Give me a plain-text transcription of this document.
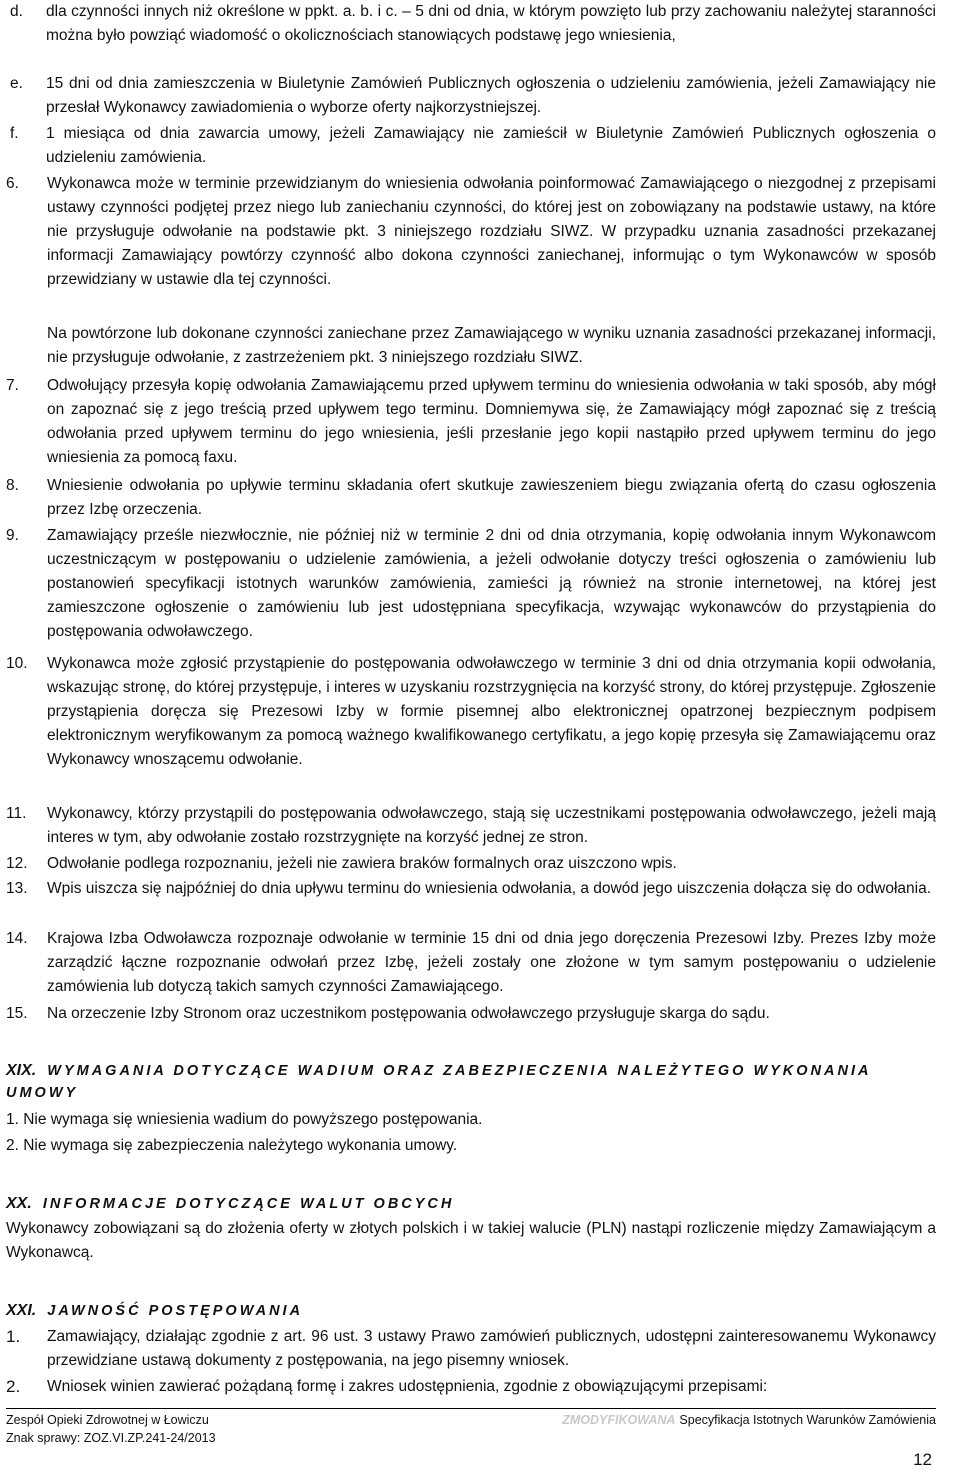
d. dla czynności innych niż określone w ppkt. a. b. i c. – 5 dni od dnia, w którym powzięto lub przy zachowaniu należytej staranności można było powziąć wiadomość o okolicznościach stanowiących podstawę jego wniesienia,
e. 15 dni od dnia zamieszczenia w Biuletynie Zamówień Publicznych ogłoszenia o udzieleniu zamówienia, jeżeli Zamawiający nie przesłał Wykonawcy zawiadomienia o wyborze oferty najkorzystniejszej.
f. 1 miesiąca od dnia zawarcia umowy, jeżeli Zamawiający nie zamieścił w Biuletynie Zamówień Publicznych ogłoszenia o udzieleniu zamówienia.
6. Wykonawca może w terminie przewidzianym do wniesienia odwołania poinformować Zamawiającego o niezgodnej z przepisami ustawy czynności podjętej przez niego lub zaniechaniu czynności, do której jest on zobowiązany na podstawie ustawy, na które nie przysługuje odwołanie na podstawie pkt. 3 niniejszego rozdziału SIWZ. W przypadku uznania zasadności przekazanej informacji Zamawiający powtórzy czynność albo dokona czynności zaniechanej, informując o tym Wykonawców w sposób przewidziany w ustawie dla tej czynności.
Na powtórzone lub dokonane czynności zaniechane przez Zamawiającego w wyniku uznania zasadności przekazanej informacji, nie przysługuje odwołanie, z zastrzeżeniem pkt. 3 niniejszego rozdziału SIWZ.
7. Odwołujący przesyła kopię odwołania Zamawiającemu przed upływem terminu do wniesienia odwołania w taki sposób, aby mógł on zapoznać się z jego treścią przed upływem tego terminu. Domniemywa się, że Zamawiający mógł zapoznać się z treścią odwołania przed upływem terminu do jego wniesienia, jeśli przesłanie jego kopii nastąpiło przed upływem terminu do jego wniesienia za pomocą faxu.
8. Wniesienie odwołania po upływie terminu składania ofert skutkuje zawieszeniem biegu związania ofertą do czasu ogłoszenia przez Izbę orzeczenia.
9. Zamawiający prześle niezwłocznie, nie później niż w terminie 2 dni od dnia otrzymania, kopię odwołania innym Wykonawcom uczestniczącym w postępowaniu o udzielenie zamówienia, a jeżeli odwołanie dotyczy treści ogłoszenia o zamówieniu lub postanowień specyfikacji istotnych warunków zamówienia, zamieści ją również na stronie internetowej, na której jest zamieszczone ogłoszenie o zamówieniu lub jest udostępniana specyfikacja, wzywając wykonawców do przystąpienia do postępowania odwoławczego.
10. Wykonawca może zgłosić przystąpienie do postępowania odwoławczego w terminie 3 dni od dnia otrzymania kopii odwołania, wskazując stronę, do której przystępuje, i interes w uzyskaniu rozstrzygnięcia na korzyść strony, do której przystępuje. Zgłoszenie przystąpienia doręcza się Prezesowi Izby w formie pisemnej albo elektronicznej opatrzonej bezpiecznym podpisem elektronicznym weryfikowanym za pomocą ważnego kwalifikowanego certyfikatu, a jego kopię przesyła się Zamawiającemu oraz Wykonawcy wnoszącemu odwołanie.
11. Wykonawcy, którzy przystąpili do postępowania odwoławczego, stają się uczestnikami postępowania odwoławczego, jeżeli mają interes w tym, aby odwołanie zostało rozstrzygnięte na korzyść jednej ze stron.
12. Odwołanie podlega rozpoznaniu, jeżeli nie zawiera braków formalnych oraz uiszczono wpis.
13. Wpis uiszcza się najpóźniej do dnia upływu terminu do wniesienia odwołania, a dowód jego uiszczenia dołącza się do odwołania.
14. Krajowa Izba Odwoławcza rozpoznaje odwołanie w terminie 15 dni od dnia jego doręczenia Prezesowi Izby. Prezes Izby może zarządzić łączne rozpoznanie odwołań przez Izbę, jeżeli zostały one złożone w tym samym postępowaniu o udzielenie zamówienia lub dotyczą takich samych czynności Zamawiającego.
15. Na orzeczenie Izby Stronom oraz uczestnikom postępowania odwoławczego przysługuje skarga do sądu.
XIX. WYMAGANIA DOTYCZĄCE WADIUM ORAZ ZABEZPIECZENIA NALEŻYTEGO WYKONANIA UMOWY
1. Nie wymaga się wniesienia wadium do powyższego postępowania.
2. Nie wymaga się zabezpieczenia należytego wykonania umowy.
XX. INFORMACJE DOTYCZĄCE WALUT OBCYCH
Wykonawcy zobowiązani są do złożenia oferty w złotych polskich i w takiej walucie (PLN) nastąpi rozliczenie między Zamawiającym a Wykonawcą.
XXI. JAWNOŚĆ POSTĘPOWANIA
1. Zamawiający, działając zgodnie z art. 96 ust. 3 ustawy Prawo zamówień publicznych, udostępni zainteresowanemu Wykonawcy przewidziane ustawą dokumenty z postępowania, na jego pisemny wniosek.
2. Wniosek winien zawierać pożądaną formę i zakres udostępnienia, zgodnie z obowiązującymi przepisami:
Zespół Opieki Zdrowotnej w Łowiczu
Znak sprawy: ZOZ.VI.ZP.241-24/2013
ZMODYFIKOWANA Specyfikacja Istotnych Warunków Zamówienia
12
